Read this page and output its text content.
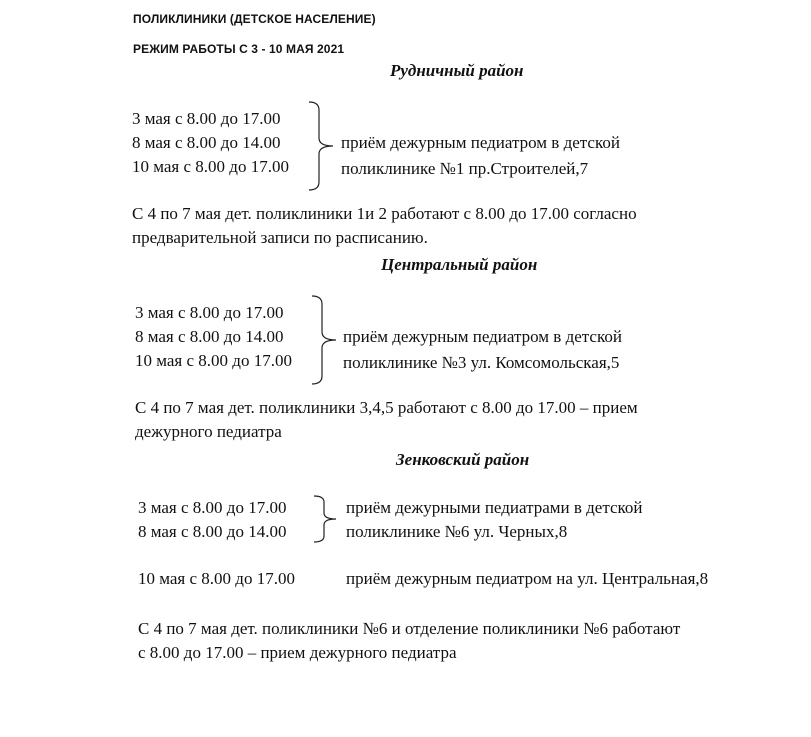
ПОЛИКЛИНИКИ (ДЕТСКОЕ НАСЕЛЕНИЕ)
РЕЖИМ РАБОТЫ С 3 - 10 МАЯ 2021
Рудничный район
3 мая с 8.00 до 17.00
8 мая с 8.00 до 14.00
10 мая с 8.00 до 17.00
приём дежурным педиатром в детской
поликлинике №1 пр.Строителей,7
С 4 по 7 мая дет. поликлиники 1и 2 работают с 8.00 до 17.00 согласно
предварительной записи по расписанию.
Центральный район
3 мая с 8.00 до 17.00
8 мая с 8.00 до 14.00
10 мая с 8.00 до 17.00
приём дежурным педиатром в детской
поликлинике №3 ул. Комсомольская,5
С 4 по 7 мая дет. поликлиники 3,4,5 работают с 8.00 до 17.00 – прием
дежурного педиатра
Зенковский район
3 мая с 8.00 до 17.00
8 мая с 8.00 до 14.00
приём дежурными педиатрами в детской
поликлинике №6 ул. Черных,8
10 мая с 8.00 до 17.00	приём дежурным педиатром на ул. Центральная,8
С 4 по 7 мая дет. поликлиники №6 и отделение поликлиники №6 работают
с 8.00 до 17.00 – прием дежурного педиатра
